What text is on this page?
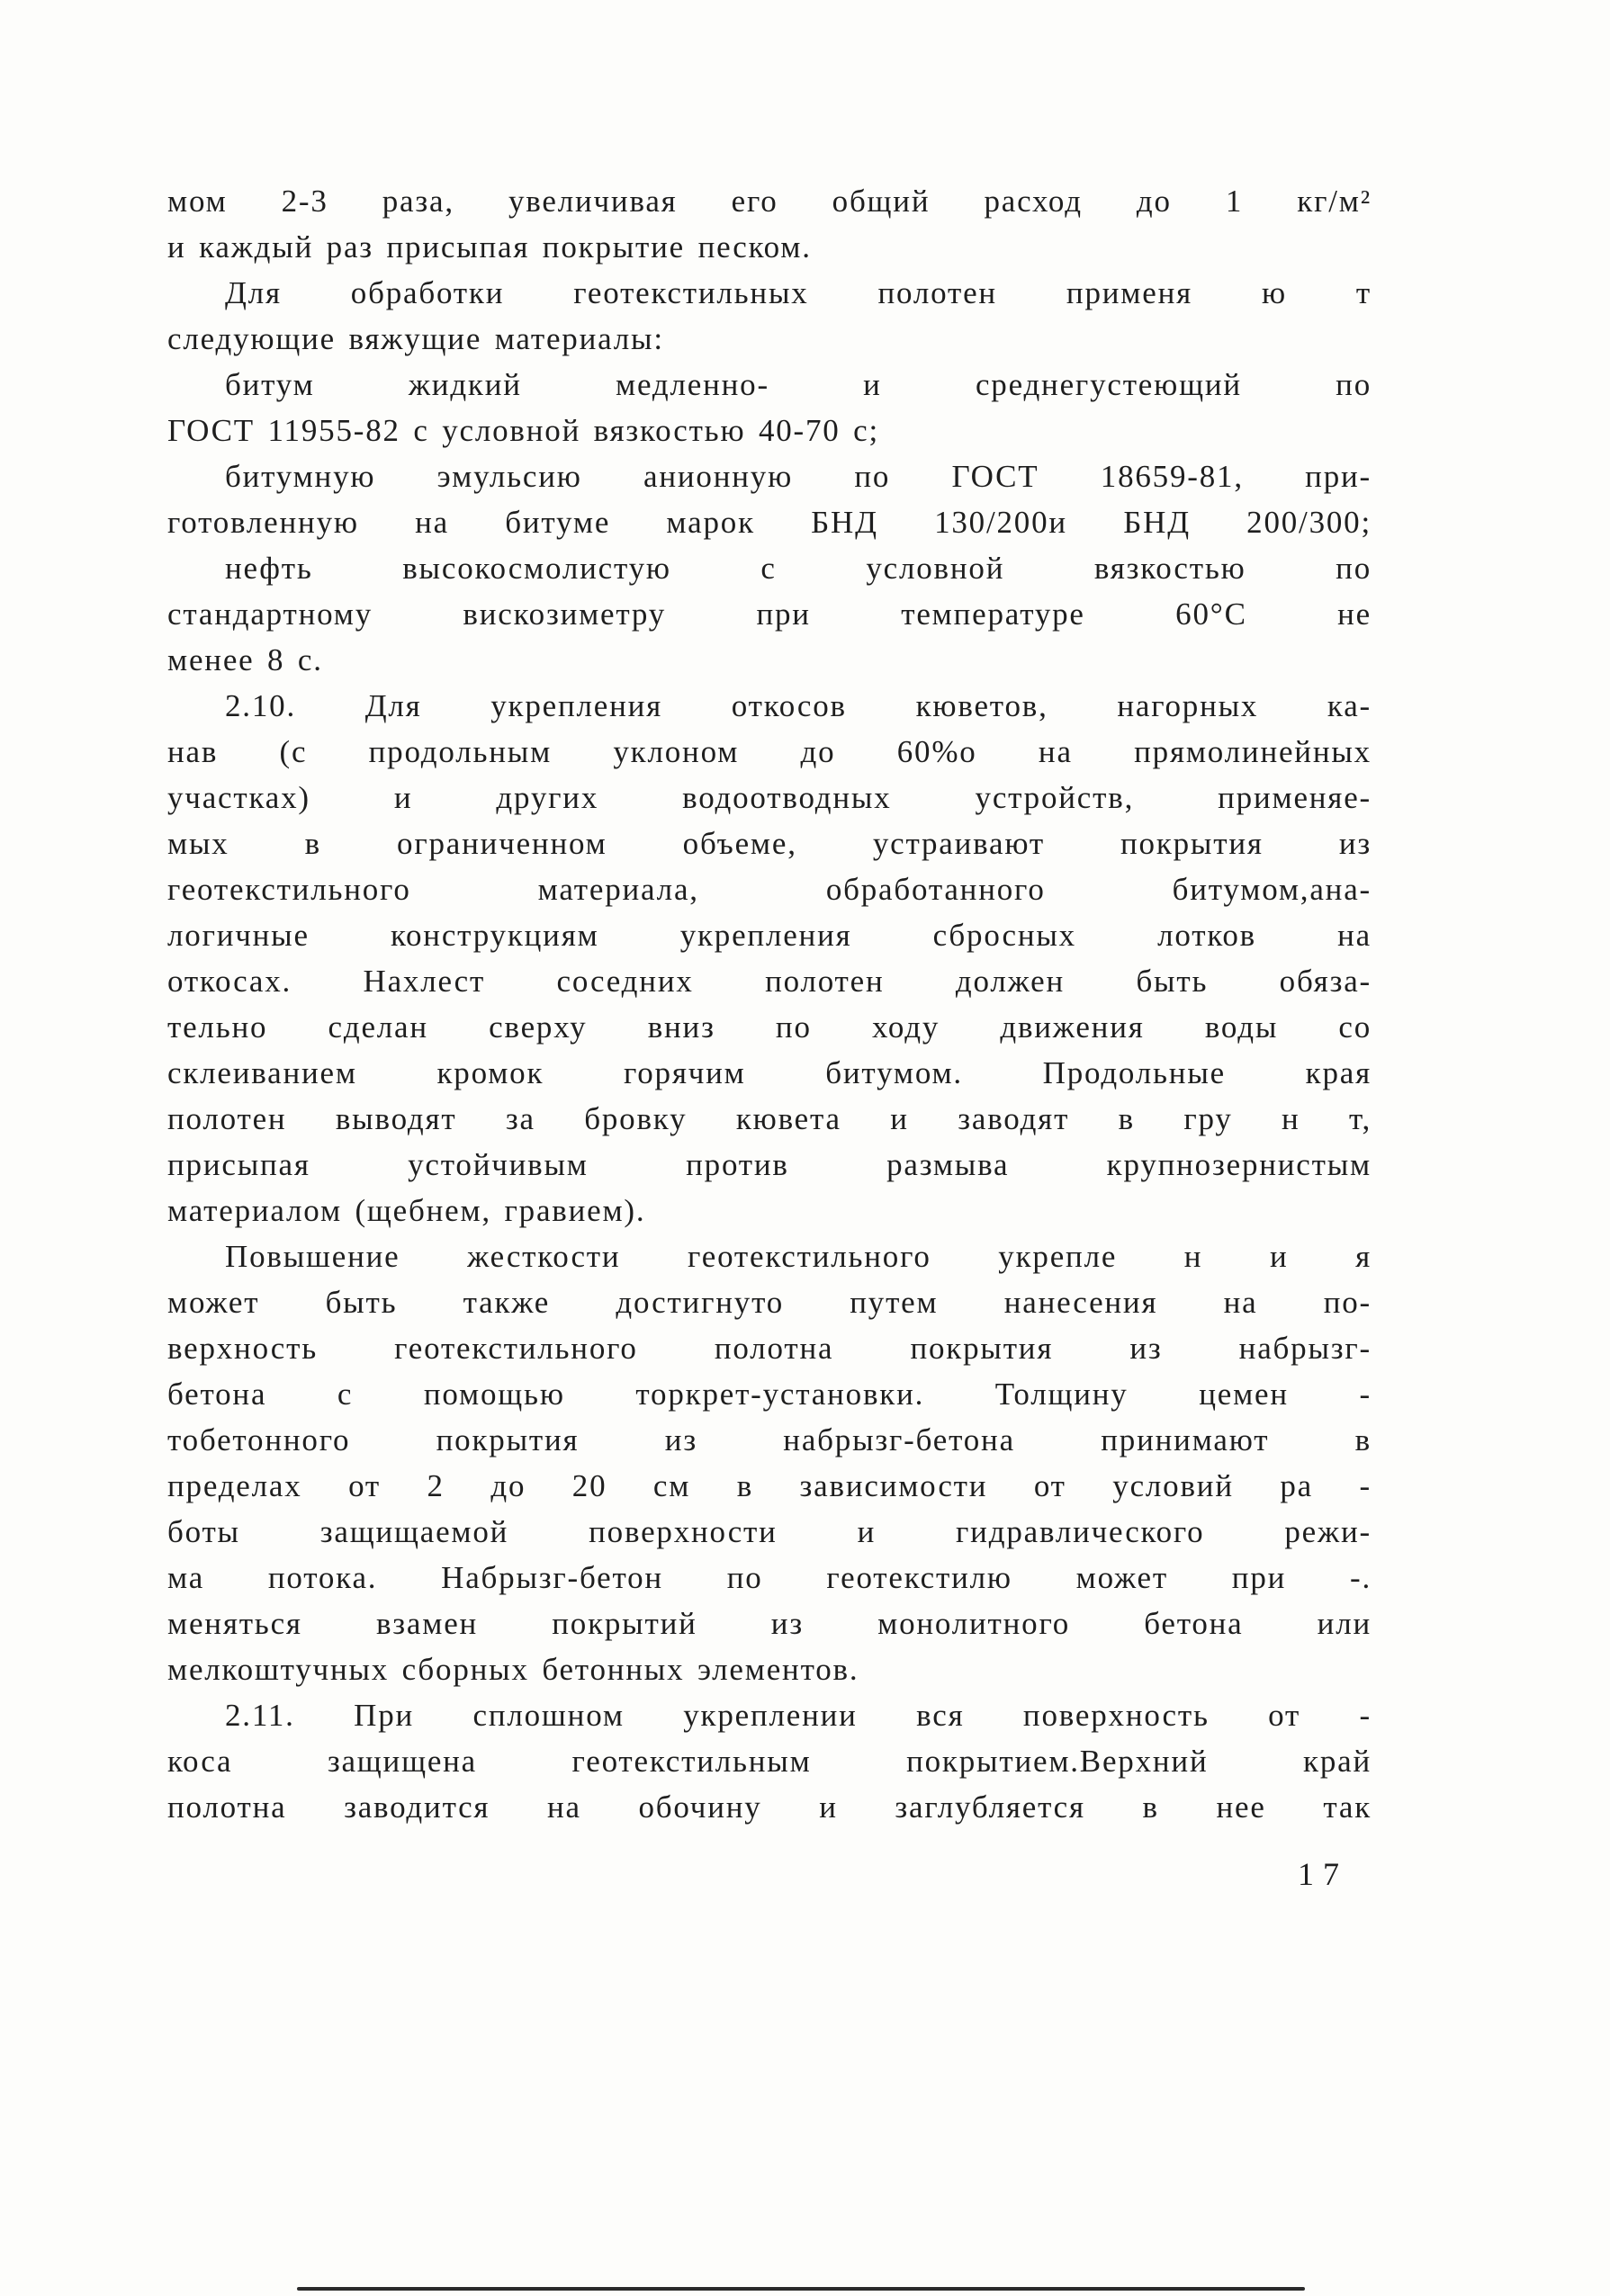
мом 2-3 раза, увеличивая его общий расход до 1 кг/м²
и каждый раз присыпая покрытие песком.
Для обработки геотекстильных полотен применя ю т
следующие вяжущие материалы:
битум жидкий медленно- и среднегустеющий по
ГОСТ 11955-82 с условной вязкостью 40-70 с;
битумную эмульсию анионную по ГОСТ 18659-81, при-
готовленную на битуме марок БНД 130/200и БНД 200/300;
нефть высокосмолистую с условной вязкостью по
стандартному вискозиметру при температуре 60°С не
менее 8 с.
2.10. Для укрепления откосов кюветов, нагорных ка-
нав (с продольным уклоном до 60%о на прямолинейных
участках) и других водоотводных устройств, применяе-
мых в ограниченном объеме, устраивают покрытия из
геотекстильного материала, обработанного битумом,ана-
логичные конструкциям укрепления сбросных лотков на
откосах. Нахлест соседних полотен должен быть обяза-
тельно сделан сверху вниз по ходу движения воды со
склеиванием кромок горячим битумом. Продольные края
полотен выводят за бровку кювета и заводят в гру н т,
присыпая устойчивым против размыва крупнозернистым
материалом (щебнем, гравием).
Повышение жесткости геотекстильного укрепле н и я
может быть также достигнуто путем нанесения на по-
верхность геотекстильного полотна покрытия из набрызг-
бетона с помощью торкрет-установки. Толщину цемен -
тобетонного покрытия из набрызг-бетона принимают в
пределах от 2 до 20 см в зависимости от условий ра -
боты защищаемой поверхности и гидравлического режи-
ма потока. Набрызг-бетон по геотекстилю может при -.
меняться взамен покрытий из монолитного бетона или
мелкоштучных сборных бетонных элементов.
2.11. При сплошном укреплении вся поверхность от -
коса защищена геотекстильным покрытием.Верхний край
полотна заводится на обочину и заглубляется в нее так
17
